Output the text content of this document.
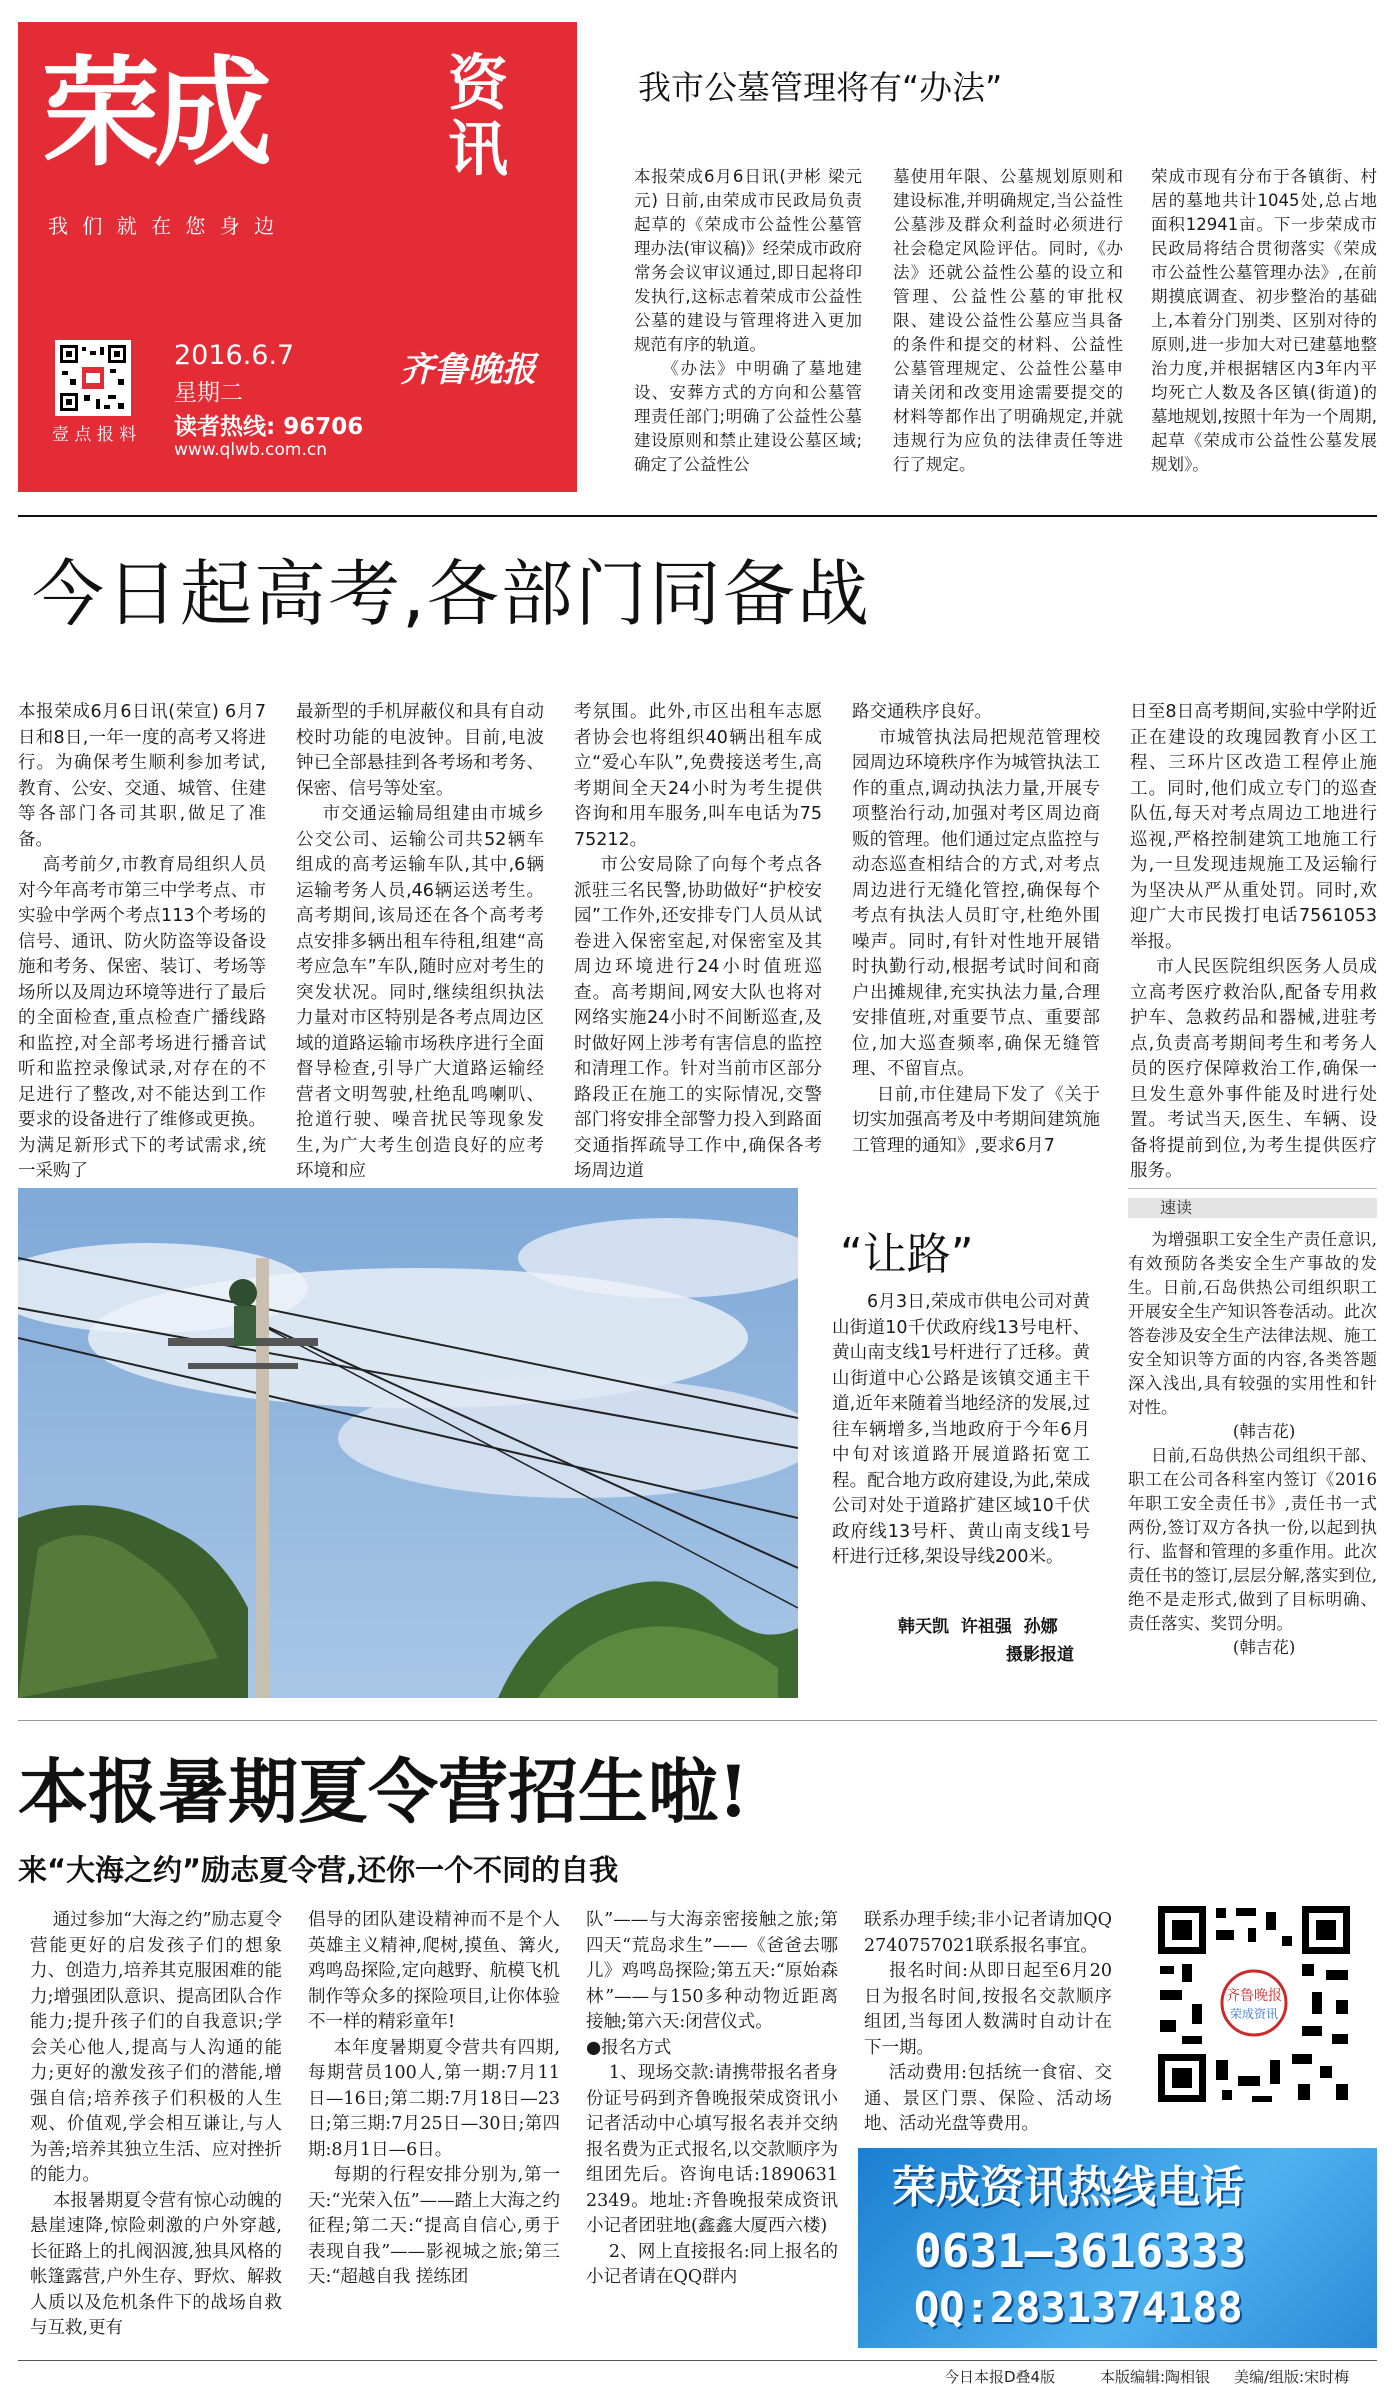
荣成	资
讯
我 们 就 在 您 身 边
壹 点 报 料
2016.6.7
星期二
齐鲁晚报
读者热线: 96706
www.qlwb.com.cn
我市公墓管理将有“办法”
本报荣成6月6日讯(尹彬 梁元元) 日前,由荣成市民政局负责起草的《荣成市公益性公墓管理办法(审议稿)》经荣成市政府常务会议审议通过,即日起将印发执行,这标志着荣成市公益性公墓的建设与管理将进入更加规范有序的轨道。
《办法》中明确了墓地建设、安葬方式的方向和公墓管理责任部门;明确了公益性公墓建设原则和禁止建设公墓区域;确定了公益性公
墓使用年限、公墓规划原则和建设标准,并明确规定,当公益性公墓涉及群众利益时必须进行社会稳定风险评估。同时,《办法》还就公益性公墓的设立和管理、公益性公墓的审批权限、建设公益性公墓应当具备的条件和提交的材料、公益性公墓管理规定、公益性公墓申请关闭和改变用途需要提交的材料等都作出了明确规定,并就违规行为应负的法律责任等进行了规定。
荣成市现有分布于各镇街、村居的墓地共计1045处,总占地面积12941亩。下一步荣成市民政局将结合贯彻落实《荣成市公益性公墓管理办法》,在前期摸底调查、初步整治的基础上,本着分门别类、区别对待的原则,进一步加大对已建墓地整治力度,并根据辖区内3年内平均死亡人数及各区镇(街道)的墓地规划,按照十年为一个周期,起草《荣成市公益性公墓发展规划》。
今日起高考,各部门同备战
本报荣成6月6日讯(荣宣) 6月7日和8日,一年一度的高考又将进行。为确保考生顺利参加考试,教育、公安、交通、城管、住建等各部门各司其职,做足了准备。
高考前夕,市教育局组织人员对今年高考市第三中学考点、市实验中学两个考点113个考场的信号、通讯、防火防盗等设备设施和考务、保密、装订、考场等场所以及周边环境等进行了最后的全面检查,重点检查广播线路和监控,对全部考场进行播音试听和监控录像试录,对存在的不足进行了整改,对不能达到工作要求的设备进行了维修或更换。为满足新形式下的考试需求,统一采购了
最新型的手机屏蔽仪和具有自动校时功能的电波钟。目前,电波钟已全部悬挂到各考场和考务、保密、信号等处室。
市交通运输局组建由市城乡公交公司、运输公司共52辆车组成的高考运输车队,其中,6辆运输考务人员,46辆运送考生。高考期间,该局还在各个高考考点安排多辆出租车待租,组建“高考应急车”车队,随时应对考生的突发状况。同时,继续组织执法力量对市区特别是各考点周边区域的道路运输市场秩序进行全面督导检查,引导广大道路运输经营者文明驾驶,杜绝乱鸣喇叭、抢道行驶、噪音扰民等现象发生,为广大考生创造良好的应考环境和应
考氛围。此外,市区出租车志愿者协会也将组织40辆出租车成立“爱心车队”,免费接送考生,高考期间全天24小时为考生提供咨询和用车服务,叫车电话为7575212。
市公安局除了向每个考点各派驻三名民警,协助做好“护校安园”工作外,还安排专门人员从试卷进入保密室起,对保密室及其周边环境进行24小时值班巡查。高考期间,网安大队也将对网络实施24小时不间断巡查,及时做好网上涉考有害信息的监控和清理工作。针对当前市区部分路段正在施工的实际情况,交警部门将安排全部警力投入到路面交通指挥疏导工作中,确保各考场周边道
路交通秩序良好。
市城管执法局把规范管理校园周边环境秩序作为城管执法工作的重点,调动执法力量,开展专项整治行动,加强对考区周边商贩的管理。他们通过定点监控与动态巡查相结合的方式,对考点周边进行无缝化管控,确保每个考点有执法人员盯守,杜绝外围噪声。同时,有针对性地开展错时执勤行动,根据考试时间和商户出摊规律,充实执法力量,合理安排值班,对重要节点、重要部位,加大巡查频率,确保无缝管理、不留盲点。
日前,市住建局下发了《关于切实加强高考及中考期间建筑施工管理的通知》,要求6月7
日至8日高考期间,实验中学附近正在建设的玫瑰园教育小区工程、三环片区改造工程停止施工。同时,他们成立专门的巡查队伍,每天对考点周边工地进行巡视,严格控制建筑工地施工行为,一旦发现违规施工及运输行为坚决从严从重处罚。同时,欢迎广大市民拨打电话7561053举报。
市人民医院组织医务人员成立高考医疗救治队,配备专用救护车、急救药品和器械,进驻考点,负责高考期间考生和考务人员的医疗保障救治工作,确保一旦发生意外事件能及时进行处置。考试当天,医生、车辆、设备将提前到位,为考生提供医疗服务。
“让路”
6月3日,荣成市供电公司对黄山街道10千伏政府线13号电杆、黄山南支线1号杆进行了迁移。黄山街道中心公路是该镇交通主干道,近年来随着当地经济的发展,过往车辆增多,当地政府于今年6月中旬对该道路开展道路拓宽工程。配合地方政府建设,为此,荣成公司对处于道路扩建区域10千伏政府线13号杆、黄山南支线1号杆进行迁移,架设导线200米。
韩天凯  许祖强  孙娜
摄影报道
速读
为增强职工安全生产责任意识,有效预防各类安全生产事故的发生。日前,石岛供热公司组织职工开展安全生产知识答卷活动。此次答卷涉及安全生产法律法规、施工安全知识等方面的内容,各类答题深入浅出,具有较强的实用性和针对性。
(韩吉花)
日前,石岛供热公司组织干部、职工在公司各科室内签订《2016年职工安全责任书》,责任书一式两份,签订双方各执一份,以起到执行、监督和管理的多重作用。此次责任书的签订,层层分解,落实到位,绝不是走形式,做到了目标明确、责任落实、奖罚分明。
(韩吉花)
本报暑期夏令营招生啦!
来“大海之约”励志夏令营,还你一个不同的自我
通过参加“大海之约”励志夏令营能更好的启发孩子们的想象力、创造力,培养其克服困难的能力;增强团队意识、提高团队合作能力;提升孩子们的自我意识;学会关心他人,提高与人沟通的能力;更好的激发孩子们的潜能,增强自信;培养孩子们积极的人生观、价值观,学会相互谦让,与人为善;培养其独立生活、应对挫折的能力。
本报暑期夏令营有惊心动魄的悬崖速降,惊险刺激的户外穿越,长征路上的扎阀泅渡,独具风格的帐篷露营,户外生存、野炊、解救人质以及危机条件下的战场自救与互救,更有
倡导的团队建设精神而不是个人英雄主义精神,爬树,摸鱼、篝火,鸡鸣岛探险,定向越野、航模飞机制作等众多的探险项目,让你体验不一样的精彩童年!
本年度暑期夏令营共有四期,每期营员100人,第一期:7月11日—16日;第二期:7月18日—23日;第三期:7月25日—30日;第四期:8月1日—6日。
每期的行程安排分别为,第一天:“光荣入伍”——踏上大海之约征程;第二天:“提高自信心,勇于表现自我”——影视城之旅;第三天:“超越自我 搓练团
队”——与大海亲密接触之旅;第四天“荒岛求生”——《爸爸去哪儿》鸡鸣岛探险;第五天:“原始森林”——与150多种动物近距离接触;第六天:闭营仪式。
●报名方式
1、现场交款:请携带报名者身份证号码到齐鲁晚报荣成资讯小记者活动中心填写报名表并交纳报名费为正式报名,以交款顺序为组团先后。咨询电话:18906312349。地址:齐鲁晚报荣成资讯小记者团驻地(鑫鑫大厦西六楼)
2、网上直接报名:同上报名的小记者请在QQ群内
联系办理手续;非小记者请加QQ2740757021联系报名事宜。
报名时间:从即日起至6月20日为报名时间,按报名交款顺序组团,当每团人数满时自动计在下一期。
活动费用:包括统一食宿、交通、景区门票、保险、活动场地、活动光盘等费用。
齐鲁晚报
荣成资讯
荣成资讯热线电话
0631—3616333
QQ:2831374188
今日本报D叠4版	本版编辑:陶相银 美编/组版:宋时梅
